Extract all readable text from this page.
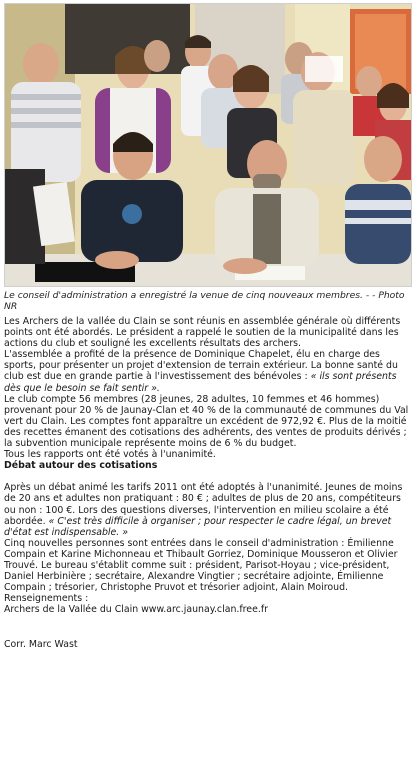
Le conseil d'administration a enregistré la venue de cinq nouveaux membres. - - Photo NR

Les Archers de la vallée du Clain se sont réunis en assemblée générale où différents points ont été abordés. Le président a rappelé le soutien de la municipalité dans les actions du club et souligné les excellents résultats des archers.

L'assemblée a profité de la présence de Dominique Chapelet, élu en charge des sports, pour présenter un projet d'extension de terrain extérieur. La bonne santé du club est due en grande partie à l'investissement des bénévoles : « ils sont présents dès que le besoin se fait sentir ».

Le club compte 56 membres (28 jeunes, 28 adultes, 10 femmes et 46 hommes) provenant pour 20 % de Jaunay-Clan et 40 % de la communauté de communes du Val vert du Clain. Les comptes font apparaître un excédent de 972,92 €. Plus de la moitié des recettes émanent des cotisations des adhérents, des ventes de produits dérivés ; la subvention municipale représente moins de 6 % du budget.

Tous les rapports ont été votés à l'unanimité.

Débat autour des cotisations

Après un débat animé les tarifs 2011 ont été adoptés à l'unanimité. Jeunes de moins de 20 ans et adultes non pratiquant : 80 € ; adultes de plus de 20 ans, compétiteurs ou non : 100 €. Lors des questions diverses, l'intervention en milieu scolaire a été abordée. « C'est très difficile à organiser ; pour respecter le cadre légal, un brevet d'état est indispensable. »

Cinq nouvelles personnes sont entrées dans le conseil d'administration : Émilienne Compain et Karine Michonneau et Thibault Gorriez, Dominique Mousseron et Olivier Trouvé. Le bureau s'établit comme suit : président, Parisot-Hoyau ; vice-président, Daniel Herbinière ; secrétaire, Alexandre Vingtier ; secrétaire adjointe, Émilienne Compain ; trésorier, Christophe Pruvot et trésorier adjoint, Alain Moiroud.

Renseignements :

Archers de la Vallée du Clain www.arc.jaunay.clan.free.fr

Corr. Marc Wast
